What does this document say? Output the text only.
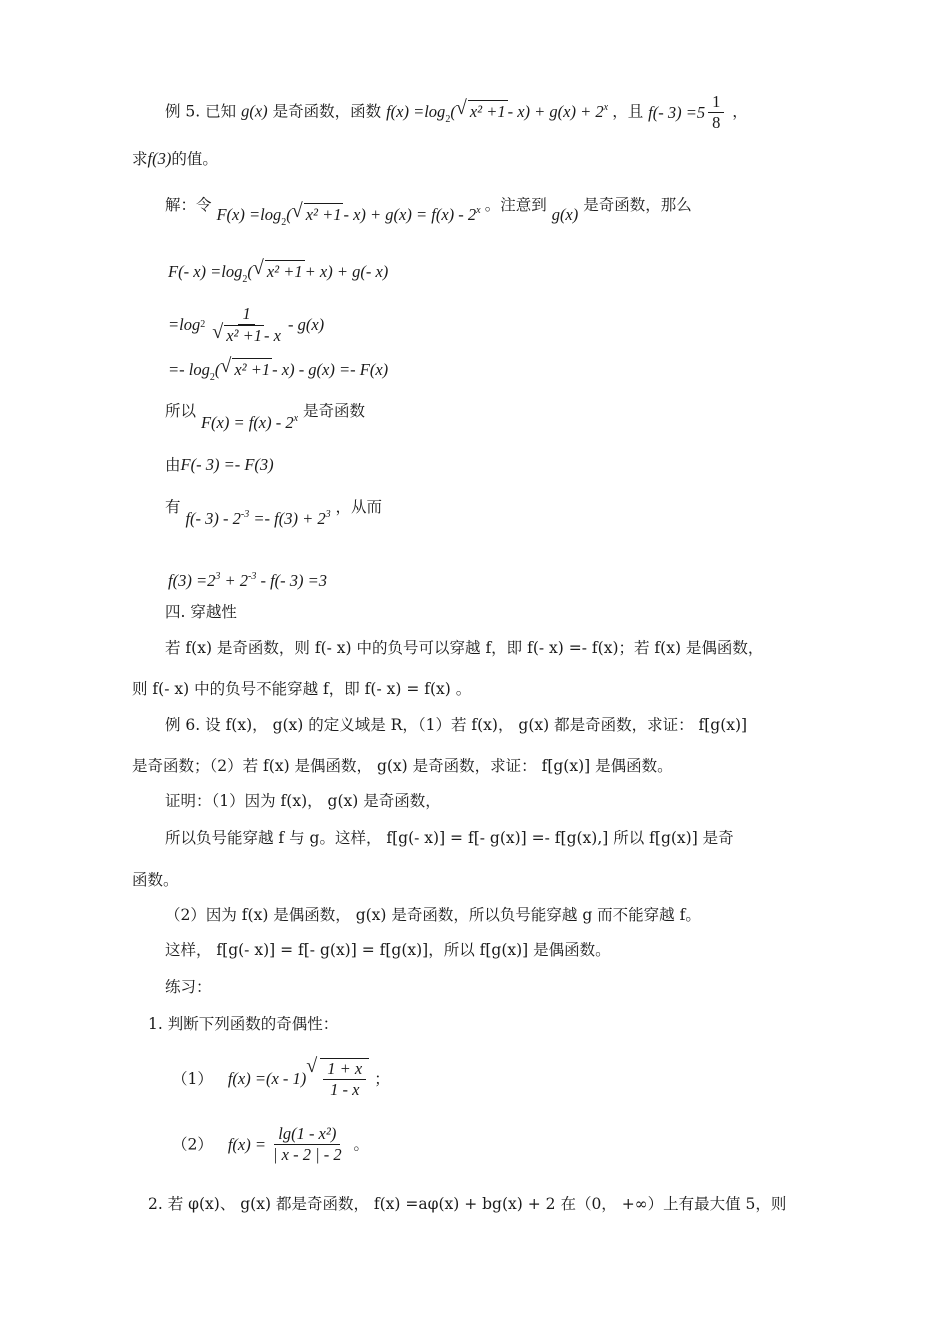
例 5. 已知 g(x) 是奇函数，函数 $f(x) =\log_2(√$ $x^2 +1 - x) + g(x) + 2^x$ ，且 f(- $3) =5 \frac{1}{8}$ ，
求f(3)的值。
解：令 $F(x) =\log_2(√$ x² +1 - x) + g(x) = f(x) - 2$^x$ 。注意到 g(x) 是奇函数，那么
F(- $x) =\log_2(√$ x² +1 + x) + g(- x)
=log 2 1
√ x² +1 - x - g(x)
=- $\log_2(√$ x² +1 - x) - g(x) =- F(x)
所以 F(x) = f(x) - 2$^x$ 是奇函数
由F(- 3) =- F(3)
有 f(- $3) - 2^{-3} =- f(3) + 2^3$ ，从而
$f(3) =2^3 + 2^{-3} - f(-$ 3) =3
四. 穿越性
若 f(x) 是奇函数，则 f(- x) 中的负号可以穿越 f，即 f(- x) =- f(x)；若 f(x) 是偶函数，
则 f(- x) 中的负号不能穿越 f，即 f(- x) = f(x) 。
例 6. 设 f(x)， g(x) 的定义域是 R，（1）若 f(x)， g(x) 都是奇函数，求证： f[g(x)]
是奇函数；（2）若 f(x) 是偶函数， g(x) 是奇函数，求证： f[g(x)] 是偶函数。
证明：（1）因为 f(x)， g(x) 是奇函数，
所以负号能穿越 f 与 g。这样， f[g(- x)] = f[- g(x)] =- f[g(x),] 所以 f[g(x)] 是奇
函数。
（2）因为 f(x) 是偶函数， g(x) 是奇函数，所以负号能穿越 g 而不能穿越 f。
这样， f[g(- x)] = f[- g(x)] = f[g(x)]，所以 f[g(x)] 是偶函数。
练习：
1. 判断下列函数的奇偶性：
（1） f(x) =(x - 1)
√ $\frac{1 + x}{1 - x}$ ；
（2） $f(x) = \frac{\text{lg(1 - x²)}}{| x - 2 | - 2}$ 。
2. 若 φ(x)、 g(x) 都是奇函数， f(x) =aφ(x) + bg(x) + 2 在（0， +∞）上有最大值 5，则
